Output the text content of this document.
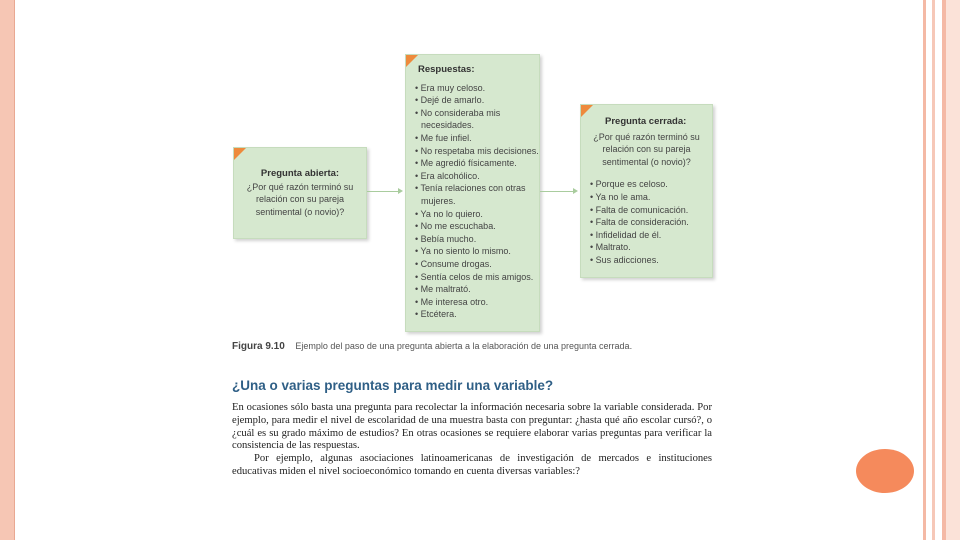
Pregunta abierta:
¿Por qué razón terminó su relación con su pareja sentimental (o novio)?
Respuestas:
• Era muy celoso.
• Dejé de amarlo.
• No consideraba mis necesidades.
• Me fue infiel.
• No respetaba mis decisiones.
• Me agredió físicamente.
• Era alcohólico.
• Tenía relaciones con otras mujeres.
• Ya no lo quiero.
• No me escuchaba.
• Bebía mucho.
• Ya no siento lo mismo.
• Consume drogas.
• Sentía celos de mis amigos.
• Me maltrató.
• Me interesa otro.
• Etcétera.
Pregunta cerrada:
¿Por qué razón terminó su relación con su pareja sentimental (o novio)?
• Porque es celoso.
• Ya no le ama.
• Falta de comunicación.
• Falta de consideración.
• Infidelidad de él.
• Maltrato.
• Sus adicciones.
Figura 9.10 Ejemplo del paso de una pregunta abierta a la elaboración de una pregunta cerrada.
¿Una o varias preguntas para medir una variable?

En ocasiones sólo basta una pregunta para recolectar la información necesaria sobre la variable considerada. Por ejemplo, para medir el nivel de escolaridad de una muestra basta con preguntar: ¿hasta qué año escolar cursó?, o ¿cuál es su grado máximo de estudios? En otras ocasiones se requiere elaborar varias preguntas para verificar la consistencia de las respuestas.

Por ejemplo, algunas asociaciones latinoamericanas de investigación de mercados e instituciones educativas miden el nivel socioeconómico tomando en cuenta diversas variables:?
